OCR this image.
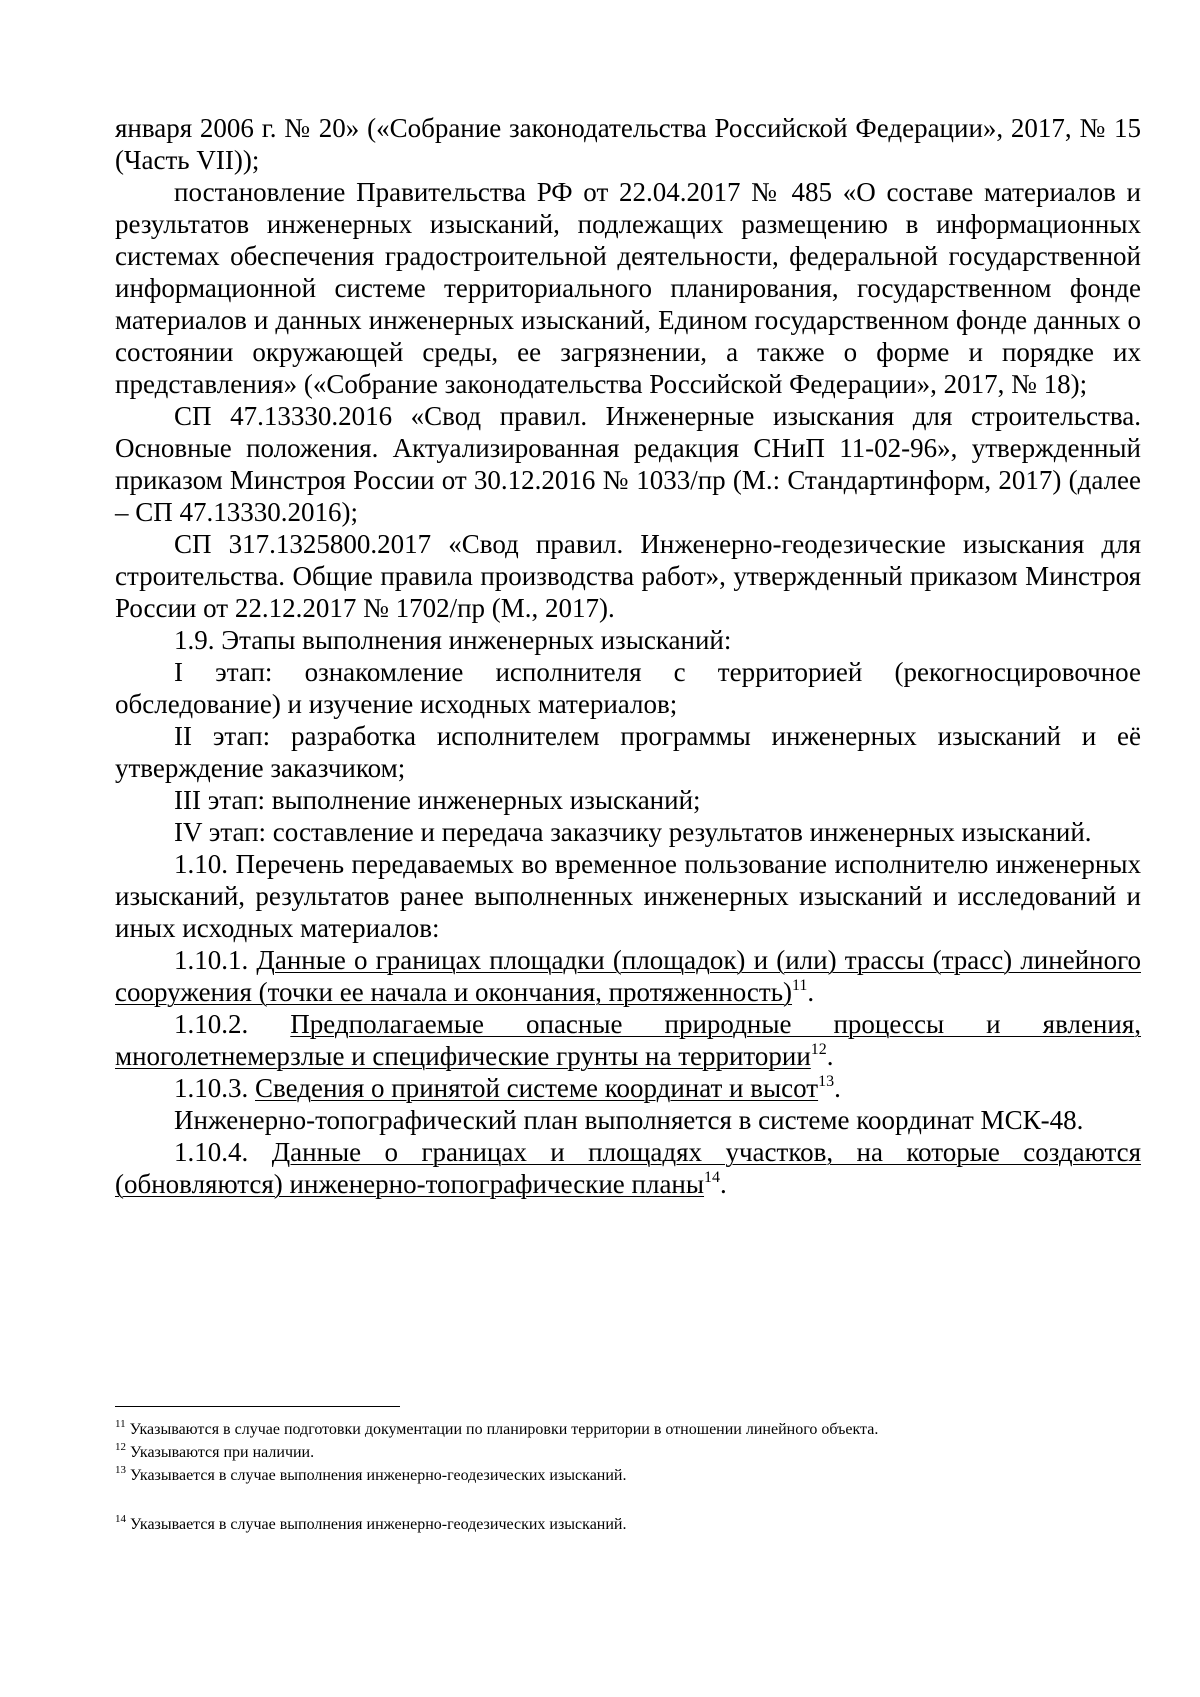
января 2006 г. № 20» («Собрание законодательства Российской Федерации», 2017, № 15 (Часть VII));

постановление Правительства РФ от 22.04.2017 № 485 «О составе материалов и результатов инженерных изысканий, подлежащих размещению в информационных системах обеспечения градостроительной деятельности, федеральной государственной информационной системе территориального планирования, государственном фонде материалов и данных инженерных изысканий, Едином государственном фонде данных о состоянии окружающей среды, ее загрязнении, а также о форме и порядке их представления» («Собрание законодательства Российской Федерации», 2017, № 18);

СП 47.13330.2016 «Свод правил. Инженерные изыскания для строительства. Основные положения. Актуализированная редакция СНиП 11-02-96», утвержденный приказом Минстроя России от 30.12.2016 № 1033/пр (М.: Стандартинформ, 2017) (далее – СП 47.13330.2016);

СП 317.1325800.2017 «Свод правил. Инженерно-геодезические изыскания для строительства. Общие правила производства работ», утвержденный приказом Минстроя России от 22.12.2017 № 1702/пр (М., 2017).

1.9. Этапы выполнения инженерных изысканий:

I этап: ознакомление исполнителя с территорией (рекогносцировочное обследование) и изучение исходных материалов;

II этап: разработка исполнителем программы инженерных изысканий и её утверждение заказчиком;

III этап: выполнение инженерных изысканий;

IV этап: составление и передача заказчику результатов инженерных изысканий.

1.10. Перечень передаваемых во временное пользование исполнителю инженерных изысканий, результатов ранее выполненных инженерных изысканий и исследований и иных исходных материалов:

1.10.1. Данные о границах площадки (площадок) и (или) трассы (трасс) линейного сооружения (точки ее начала и окончания, протяженность)$^{11}$.

1.10.2. Предполагаемые опасные природные процессы и явления, многолетнемерзлые и специфические грунты на территории$^{12}$.

1.10.3. Сведения о принятой системе координат и высот$^{13}$.

Инженерно-топографический план выполняется в системе координат МСК-48.

1.10.4. Данные о границах и площадях участков, на которые создаются (обновляются) инженерно-топографические планы$^{14}$.

$^{11}$ Указываются в случае подготовки документации по планировки территории в отношении линейного объекта.

$^{12}$ Указываются при наличии.

$^{13}$ Указывается в случае выполнения инженерно-геодезических изысканий.

$^{14}$ Указывается в случае выполнения инженерно-геодезических изысканий.
